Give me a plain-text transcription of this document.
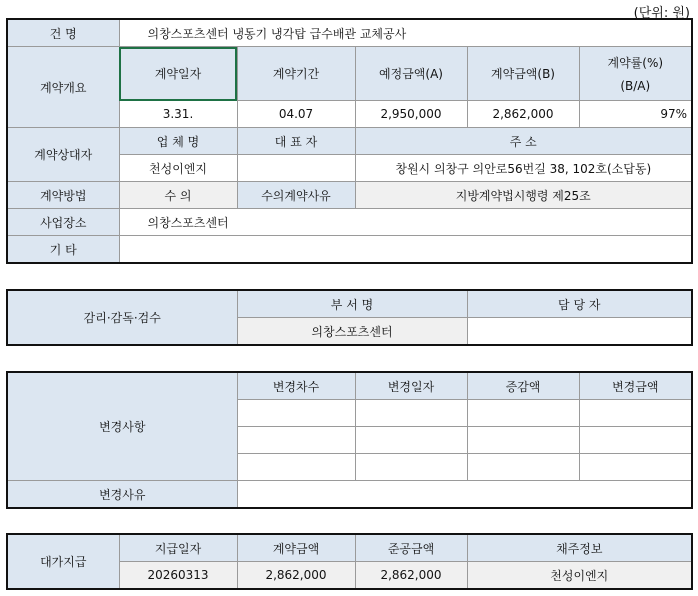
(단위: 원)
건 명	의창스포츠센터 냉동기 냉각탑 급수배관 교체공사				
계약개요	계약일자	계약기간	예정금액(A)	계약금액(B)	계약률(%)
(B/A)

	3.31.	04.07	2,950,000	2,862,000	97%
계약상대자	업 체 명	대 표 자	주 소		
	천성이엔지		창원시 의창구 의안로56번길 38, 102호(소답동)		
계약방법	수 의	수의계약사유	지방계약법시행령 제25조		
사업장소	의창스포츠센터				
기 타					
감리·감독·검수	부 서 명	담 당 자
	의창스포츠센터	
변경사항	변경차수	변경일자	증감액	변경금액

변경사유				
대가지급	지급일자	계약금액	준공금액	채주정보
	20260313	2,862,000	2,862,000	천성이엔지
